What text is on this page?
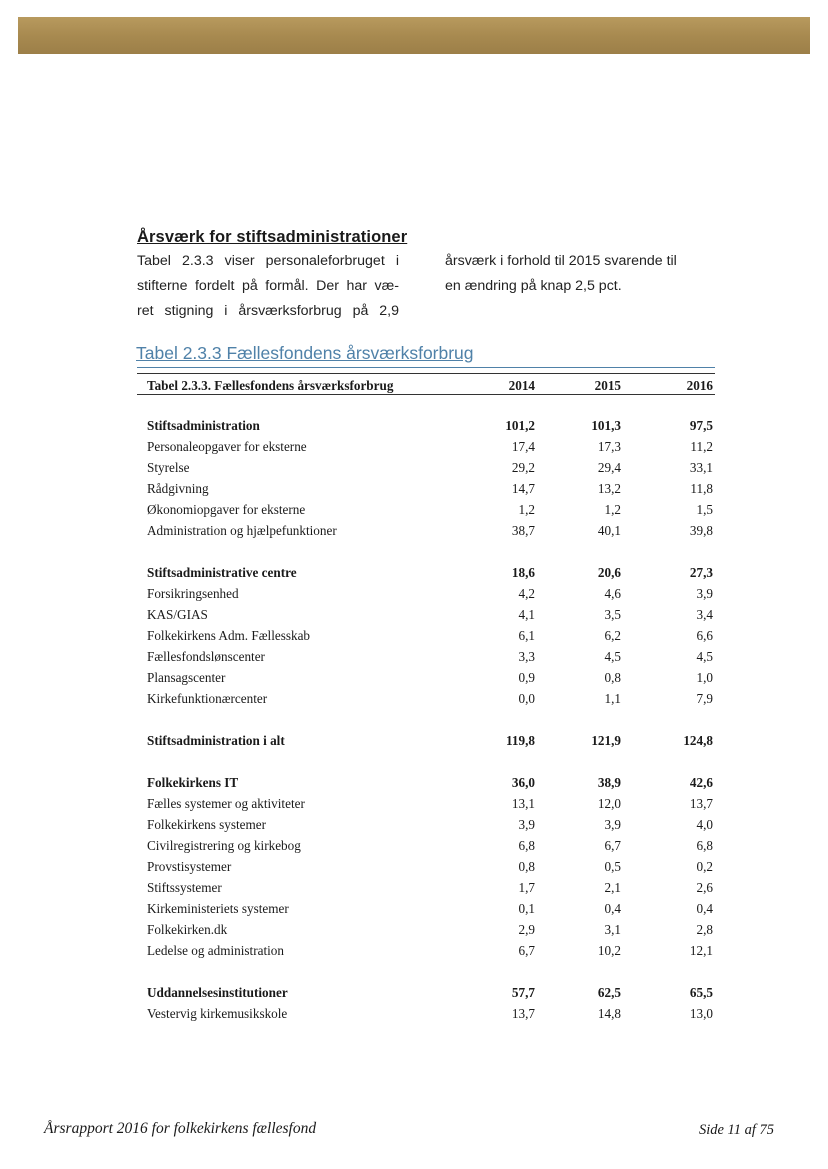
Årsværk for stiftsadministrationer
Tabel 2.3.3 viser personaleforbruget i
stifterne fordelt på formål. Der har væ-
ret stigning i årsværksforbrug på 2,9
årsværk i forhold til 2015 svarende til
en ændring på knap 2,5 pct.
Tabel 2.3.3 Fællesfondens årsværksforbrug
Tabel 2.3.3. Fællesfondens årsværksforbrug	2014	2015	2016

Stiftsadministration	101,2	101,3	97,5
Personaleopgaver for eksterne	17,4	17,3	11,2
Styrelse	29,2	29,4	33,1
Rådgivning	14,7	13,2	11,8
Økonomiopgaver for eksterne	1,2	1,2	1,5
Administration og hjælpefunktioner	38,7	40,1	39,8

Stiftsadministrative centre	18,6	20,6	27,3
Forsikringsenhed	4,2	4,6	3,9
KAS/GIAS	4,1	3,5	3,4
Folkekirkens Adm. Fællesskab	6,1	6,2	6,6
Fællesfondslønscenter	3,3	4,5	4,5
Plansagscenter	0,9	0,8	1,0
Kirkefunktionærcenter	0,0	1,1	7,9

Stiftsadministration i alt	119,8	121,9	124,8

Folkekirkens IT	36,0	38,9	42,6
Fælles systemer og aktiviteter	13,1	12,0	13,7
Folkekirkens systemer	3,9	3,9	4,0
Civilregistrering og kirkebog	6,8	6,7	6,8
Provstisystemer	0,8	0,5	0,2
Stiftssystemer	1,7	2,1	2,6
Kirkeministeriets systemer	0,1	0,4	0,4
Folkekirken.dk	2,9	3,1	2,8
Ledelse og administration	6,7	10,2	12,1

Uddannelsesinstitutioner	57,7	62,5	65,5
Vestervig kirkemusikskole	13,7	14,8	13,0
Årsrapport 2016 for folkekirkens fællesfond	Side 11 af 75
